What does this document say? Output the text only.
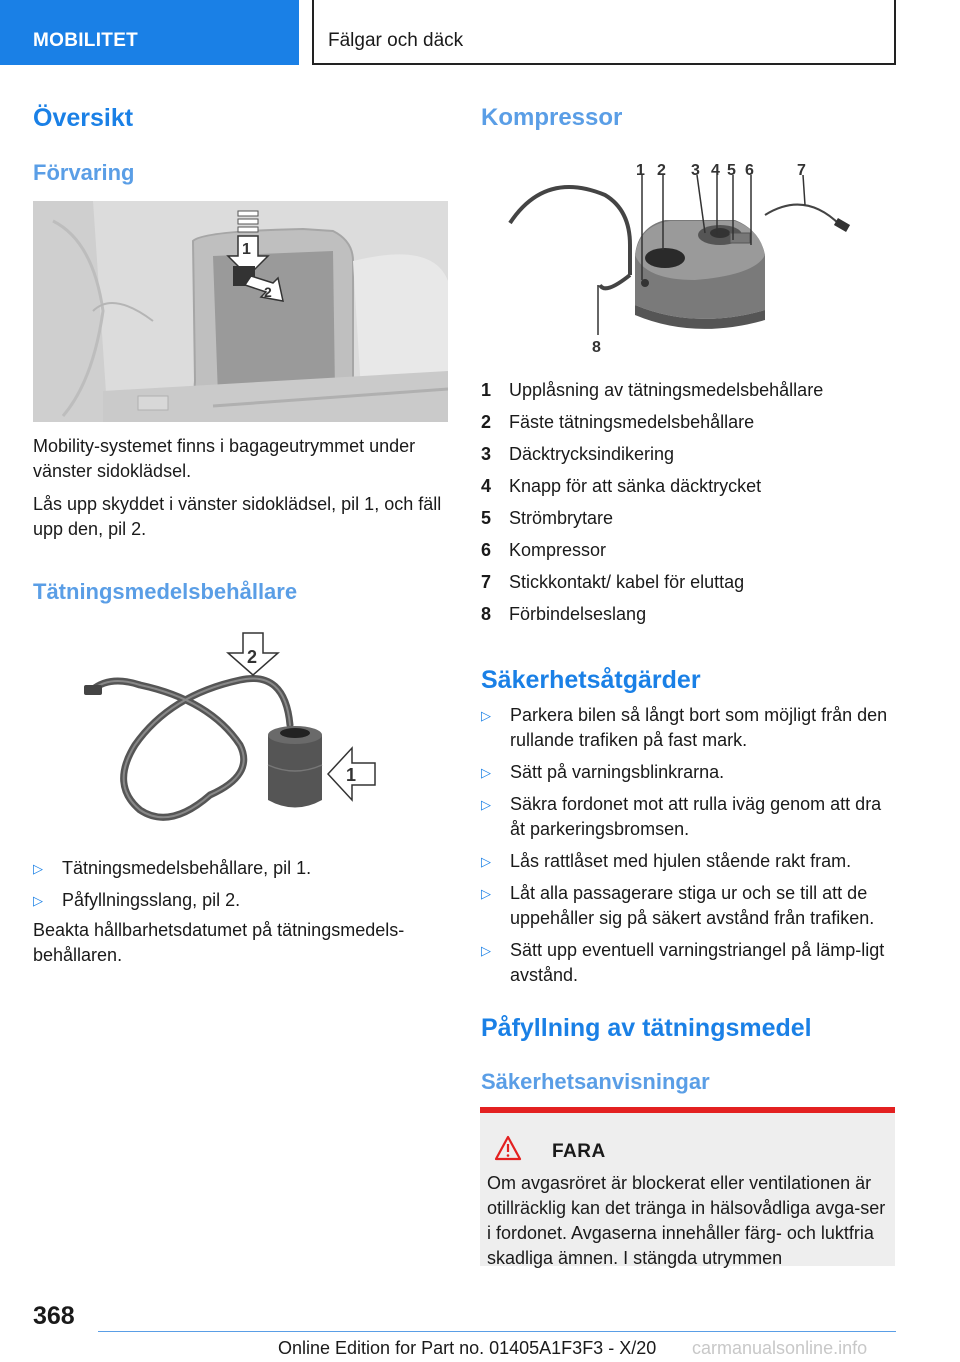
MOBILITET	Fälgar och däck
Översikt
Förvaring
1
2

Mobility-systemet finns i bagageutrymmet under vänster sidoklädsel.

Lås upp skyddet i vänster sidoklädsel, pil 1, och fäll upp den, pil 2.

Tätningsmedelsbehållare
2
1
▷ Tätningsmedelsbehållare, pil 1.
▷ Påfyllningsslang, pil 2.

Beakta hållbarhetsdatumet på tätningsmedels-behållaren.

Kompressor
1 2 3 4 5 6	7
8
1 Upplåsning av tätningsmedelsbehållare
2 Fäste tätningsmedelsbehållare
3 Däcktrycksindikering
4 Knapp för att sänka däcktrycket
5 Strömbrytare
6 Kompressor
7 Stickkontakt/ kabel för eluttag
8 Förbindelseslang
Säkerhetsåtgärder
▷ Parkera bilen så långt bort som möjligt från den rullande trafiken på fast mark.
▷ Sätt på varningsblinkrarna.
▷ Säkra fordonet mot att rulla iväg genom att dra åt parkeringsbromsen.
▷ Lås rattlåset med hjulen stående rakt fram.
▷ Låt alla passagerare stiga ur och se till att de uppehåller sig på säkert avstånd från trafiken.
▷ Sätt upp eventuell varningstriangel på lämp-ligt avstånd.
Påfyllning av tätningsmedel
Säkerhetsanvisningar
FARA

Om avgasröret är blockerat eller ventilationen är otillräcklig kan det tränga in hälsovådliga avga-ser i fordonet. Avgaserna innehåller färg- och luktfria skadliga ämnen. I stängda utrymmen

368
Online Edition for Part no. 01405A1F3F3 - X/20 carmanualsonline.info
